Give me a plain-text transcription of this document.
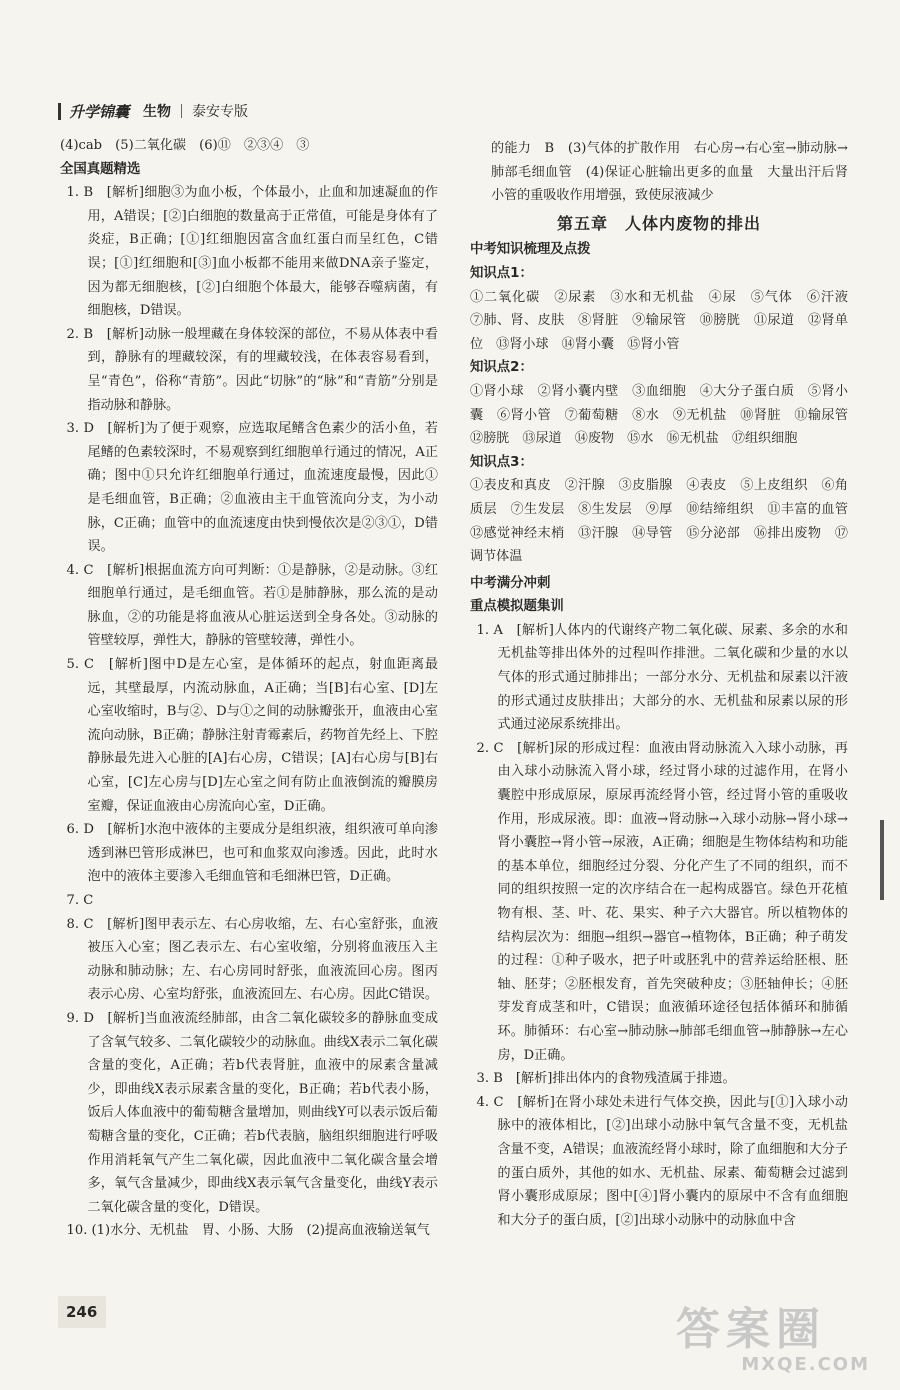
升学锦囊 生物 泰安专版

(4)cab　(5)二氧化碳　(6)⑪　②③④　③

全国真题精选

1. B　[解析]细胞③为血小板，个体最小，止血和加速凝血的作用，A错误；[②]白细胞的数量高于正常值，可能是身体有了炎症，B正确；[①]红细胞因富含血红蛋白而呈红色，C错误；[①]红细胞和[③]血小板都不能用来做DNA亲子鉴定，因为都无细胞核，[②]白细胞个体最大，能够吞噬病菌，有细胞核，D错误。

2. B　[解析]动脉一般埋藏在身体较深的部位，不易从体表中看到，静脉有的埋藏较深，有的埋藏较浅，在体表容易看到，呈“青色”，俗称“青筋”。因此“切脉”的“脉”和“青筋”分别是指动脉和静脉。

3. D　[解析]为了便于观察，应选取尾鳍含色素少的活小鱼，若尾鳍的色素较深时，不易观察到红细胞单行通过的情况，A正确；图中①只允许红细胞单行通过，血流速度最慢，因此①是毛细血管，B正确；②血液由主干血管流向分支，为小动脉，C正确；血管中的血流速度由快到慢依次是②③①，D错误。

4. C　[解析]根据血流方向可判断：①是静脉，②是动脉。③红细胞单行通过，是毛细血管。若①是肺静脉，那么流的是动脉血，②的功能是将血液从心脏运送到全身各处。③动脉的管壁较厚，弹性大，静脉的管壁较薄，弹性小。

5. C　[解析]图中D是左心室，是体循环的起点，射血距离最远，其壁最厚，内流动脉血，A正确；当[B]右心室、[D]左心室收缩时，B与②、D与①之间的动脉瓣张开，血液由心室流向动脉，B正确；静脉注射青霉素后，药物首先经上、下腔静脉最先进入心脏的[A]右心房，C错误；[A]右心房与[B]右心室，[C]左心房与[D]左心室之间有防止血液倒流的瓣膜房室瓣，保证血液由心房流向心室，D正确。

6. D　[解析]水泡中液体的主要成分是组织液，组织液可单向渗透到淋巴管形成淋巴，也可和血浆双向渗透。因此，此时水泡中的液体主要渗入毛细血管和毛细淋巴管，D正确。

7. C

8. C　[解析]图甲表示左、右心房收缩，左、右心室舒张，血液被压入心室；图乙表示左、右心室收缩，分别将血液压入主动脉和肺动脉；左、右心房同时舒张，血液流回心房。图丙表示心房、心室均舒张，血液流回左、右心房。因此C错误。

9. D　[解析]当血液流经肺部，由含二氧化碳较多的静脉血变成了含氧气较多、二氧化碳较少的动脉血。曲线X表示二氧化碳含量的变化，A正确；若b代表肾脏，血液中的尿素含量减少，即曲线X表示尿素含量的变化，B正确；若b代表小肠，饭后人体血液中的葡萄糖含量增加，则曲线Y可以表示饭后葡萄糖含量的变化，C正确；若b代表脑，脑组织细胞进行呼吸作用消耗氧气产生二氧化碳，因此血液中二氧化碳含量会增多，氧气含量减少，即曲线X表示氧气含量变化，曲线Y表示二氧化碳含量的变化，D错误。

10. (1)水分、无机盐　胃、小肠、大肠　(2)提高血液输送氧气

的能力　B　(3)气体的扩散作用　右心房→右心室→肺动脉→肺部毛细血管　(4)保证心脏输出更多的血量　大量出汗后肾小管的重吸收作用增强，致使尿液减少

第五章　人体内废物的排出

中考知识梳理及点拨

知识点1：

①二氧化碳　②尿素　③水和无机盐　④尿　⑤气体　⑥汗液　⑦肺、肾、皮肤　⑧肾脏　⑨输尿管　⑩膀胱　⑪尿道　⑫肾单位　⑬肾小球　⑭肾小囊　⑮肾小管

知识点2：

①肾小球　②肾小囊内壁　③血细胞　④大分子蛋白质　⑤肾小囊　⑥肾小管　⑦葡萄糖　⑧水　⑨无机盐　⑩肾脏　⑪输尿管　⑫膀胱　⑬尿道　⑭废物　⑮水　⑯无机盐　⑰组织细胞

知识点3：

①表皮和真皮　②汗腺　③皮脂腺　④表皮　⑤上皮组织　⑥角质层　⑦生发层　⑧生发层　⑨厚　⑩结缔组织　⑪丰富的血管　⑫感觉神经末梢　⑬汗腺　⑭导管　⑮分泌部　⑯排出废物　⑰调节体温

中考满分冲刺

重点模拟题集训

1. A　[解析]人体内的代谢终产物二氧化碳、尿素、多余的水和无机盐等排出体外的过程叫作排泄。二氧化碳和少量的水以气体的形式通过肺排出；一部分水分、无机盐和尿素以汗液的形式通过皮肤排出；大部分的水、无机盐和尿素以尿的形式通过泌尿系统排出。

2. C　[解析]尿的形成过程：血液由肾动脉流入入球小动脉，再由入球小动脉流入肾小球，经过肾小球的过滤作用，在肾小囊腔中形成原尿，原尿再流经肾小管，经过肾小管的重吸收作用，形成尿液。即：血液→肾动脉→入球小动脉→肾小球→肾小囊腔→肾小管→尿液，A正确；细胞是生物体结构和功能的基本单位，细胞经过分裂、分化产生了不同的组织，而不同的组织按照一定的次序结合在一起构成器官。绿色开花植物有根、茎、叶、花、果实、种子六大器官。所以植物体的结构层次为：细胞→组织→器官→植物体，B正确；种子萌发的过程：①种子吸水，把子叶或胚乳中的营养运给胚根、胚轴、胚芽；②胚根发育，首先突破种皮；③胚轴伸长；④胚芽发育成茎和叶，C错误；血液循环途径包括体循环和肺循环。肺循环：右心室→肺动脉→肺部毛细血管→肺静脉→左心房，D正确。

3. B　[解析]排出体内的食物残渣属于排遗。

4. C　[解析]在肾小球处未进行气体交换，因此与[①]入球小动脉中的液体相比，[②]出球小动脉中氧气含量不变，无机盐含量不变，A错误；血液流经肾小球时，除了血细胞和大分子的蛋白质外，其他的如水、无机盐、尿素、葡萄糖会过滤到肾小囊形成原尿；图中[④]肾小囊内的原尿中不含有血细胞和大分子的蛋白质，[②]出球小动脉中的动脉血中含

246	答案圈
MXQE.COM
